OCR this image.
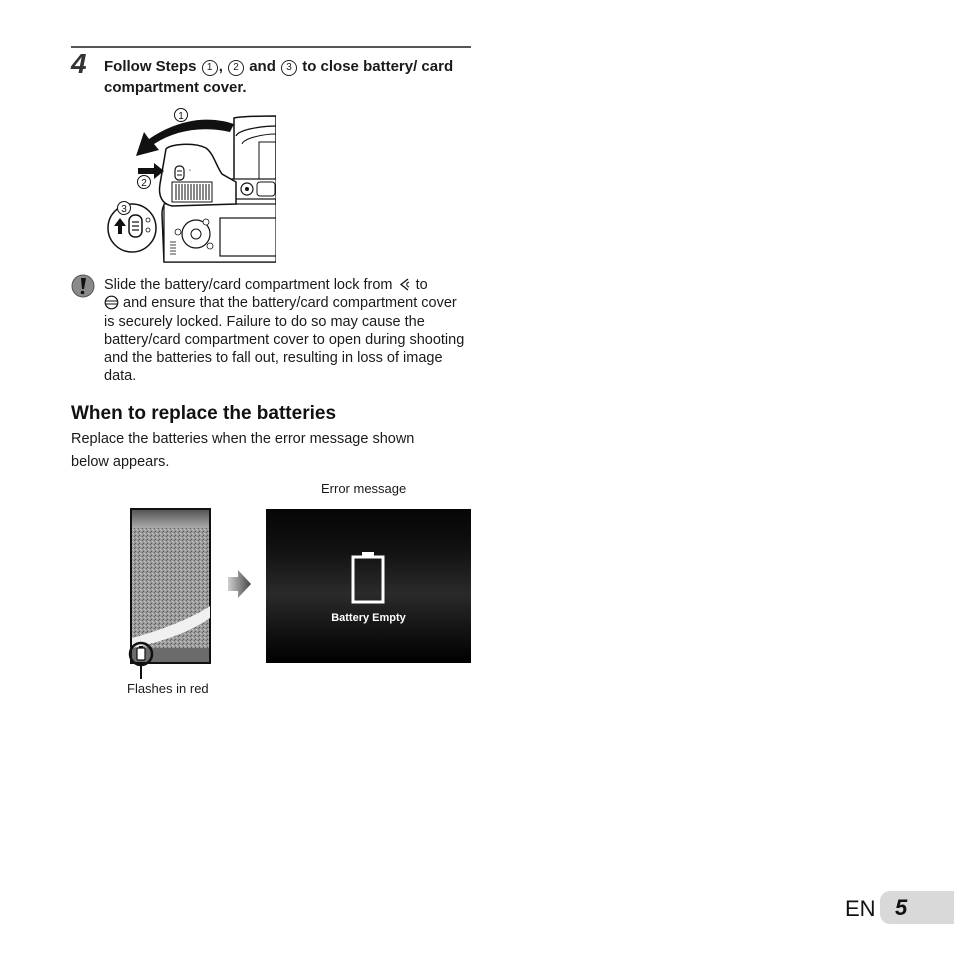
4 Follow Steps 1 , 2 and 3 to close battery/ card compartment cover.
1
◔
2
3
Slide the battery/card compartment lock from to
and ensure that the battery/card compartment cover is securely locked. Failure to do so may cause the battery/card compartment cover to open during shooting and the batteries to fall out, resulting in loss of image data.
When to replace the batteries
Replace the batteries when the error message shown below appears.
Error message
Battery Empty
Flashes in red
EN 5
